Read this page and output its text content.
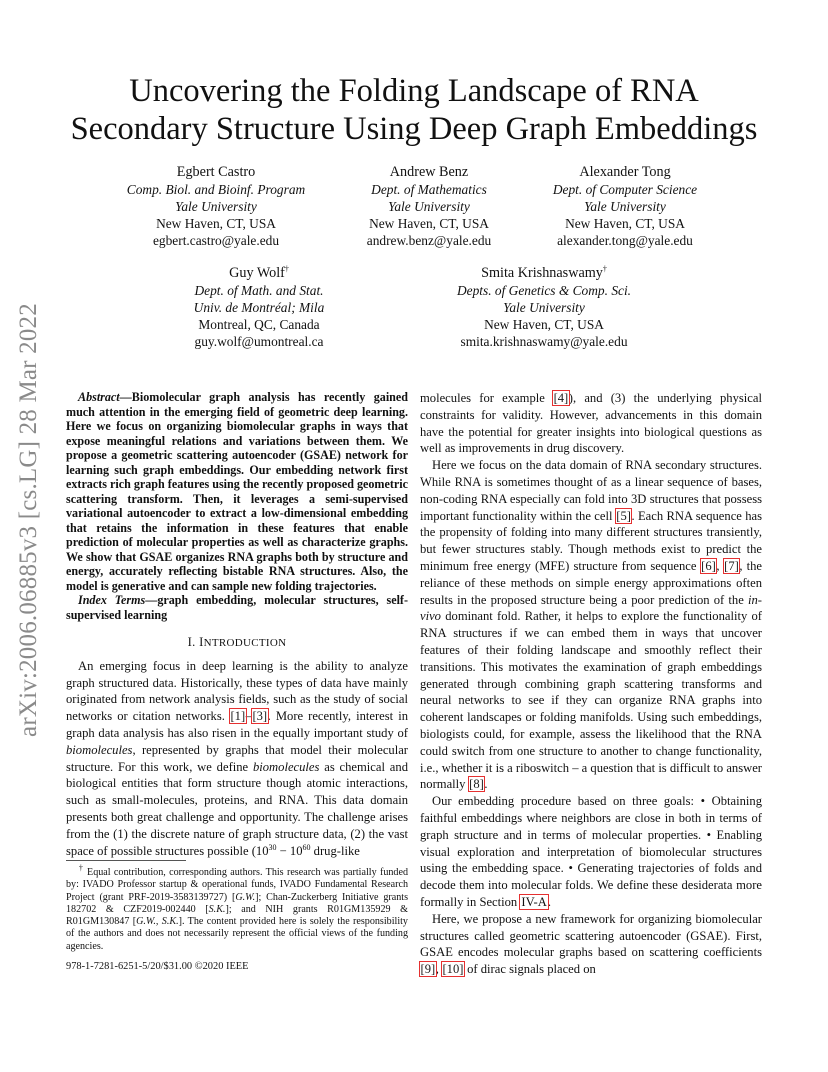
arXiv:2006.06885v3 [cs.LG] 28 Mar 2022
Uncovering the Folding Landscape of RNA
Secondary Structure Using Deep Graph Embeddings
Egbert Castro
Comp. Biol. and Bioinf. Program
Yale University
New Haven, CT, USA
egbert.castro@yale.edu
Andrew Benz
Dept. of Mathematics
Yale University
New Haven, CT, USA
andrew.benz@yale.edu
Alexander Tong
Dept. of Computer Science
Yale University
New Haven, CT, USA
alexander.tong@yale.edu
Guy Wolf†
Dept. of Math. and Stat.
Univ. de Montréal; Mila
Montreal, QC, Canada
guy.wolf@umontreal.ca
Smita Krishnaswamy†
Depts. of Genetics & Comp. Sci.
Yale University
New Haven, CT, USA
smita.krishnaswamy@yale.edu

Abstract—Biomolecular graph analysis has recently gained much attention in the emerging field of geometric deep learning. Here we focus on organizing biomolecular graphs in ways that expose meaningful relations and variations between them. We propose a geometric scattering autoencoder (GSAE) network for learning such graph embeddings. Our embedding network first extracts rich graph features using the recently proposed geometric scattering transform. Then, it leverages a semi-supervised variational autoencoder to extract a low-dimensional embedding that retains the information in these features that enable prediction of molecular properties as well as characterize graphs. We show that GSAE organizes RNA graphs both by structure and energy, accurately reflecting bistable RNA structures. Also, the model is generative and can sample new folding trajectories.

Index Terms—graph embedding, molecular structures, self-supervised learning

I. INTRODUCTION

An emerging focus in deep learning is the ability to analyze graph structured data. Historically, these types of data have mainly originated from network analysis fields, such as the study of social networks or citation networks. [1]–[3]. More recently, interest in graph data analysis has also risen in the equally important study of biomolecules, represented by graphs that model their molecular structure. For this work, we define biomolecules as chemical and biological entities that form structure though atomic interactions, such as small-molecules, proteins, and RNA. This data domain presents both great challenge and opportunity. The challenge arises from the (1) the discrete nature of graph structure data, (2) the vast space of possible structures possible ($10^{30} - 10^{60}$ drug-like

† Equal contribution, corresponding authors. This research was partially funded by: IVADO Professor startup & operational funds, IVADO Fundamental Research Project (grant PRF-2019-3583139727) [G.W.]; Chan-Zuckerberg Initiative grants 182702 & CZF2019-002440 [S.K.]; and NIH grants R01GM135929 & R01GM130847 [G.W., S.K.]. The content provided here is solely the responsibility of the authors and does not necessarily represent the official views of the funding agencies.
978-1-7281-6251-5/20/$31.00 ©2020 IEEE

molecules for example [4]), and (3) the underlying physical constraints for validity. However, advancements in this domain have the potential for greater insights into biological questions as well as improvements in drug discovery.

Here we focus on the data domain of RNA secondary structures. While RNA is sometimes thought of as a linear sequence of bases, non-coding RNA especially can fold into 3D structures that possess important functionality within the cell [5]. Each RNA sequence has the propensity of folding into many different structures transiently, but fewer structures stably. Though methods exist to predict the minimum free energy (MFE) structure from sequence [6], [7], the reliance of these methods on simple energy approximations often results in the proposed structure being a poor prediction of the in-vivo dominant fold. Rather, it helps to explore the functionality of RNA structures if we can embed them in ways that uncover features of their folding landscape and smoothly reflect their transitions. This motivates the examination of graph embeddings generated through combining graph scattering transforms and neural networks to see if they can organize RNA graphs into coherent landscapes or folding manifolds. Using such embeddings, biologists could, for example, assess the likelihood that the RNA could switch from one structure to another to change functionality, i.e., whether it is a riboswitch – a question that is difficult to answer normally [8].

Our embedding procedure based on three goals: • Obtaining faithful embeddings where neighbors are close in both in terms of graph structure and in terms of molecular properties. • Enabling visual exploration and interpretation of biomolecular structures using the embedding space. • Generating trajectories of folds and decode them into molecular folds. We define these desiderata more formally in Section IV-A.

Here, we propose a new framework for organizing biomolecular structures called geometric scattering autoencoder (GSAE). First, GSAE encodes molecular graphs based on scattering coefficients [9], [10] of dirac signals placed on
